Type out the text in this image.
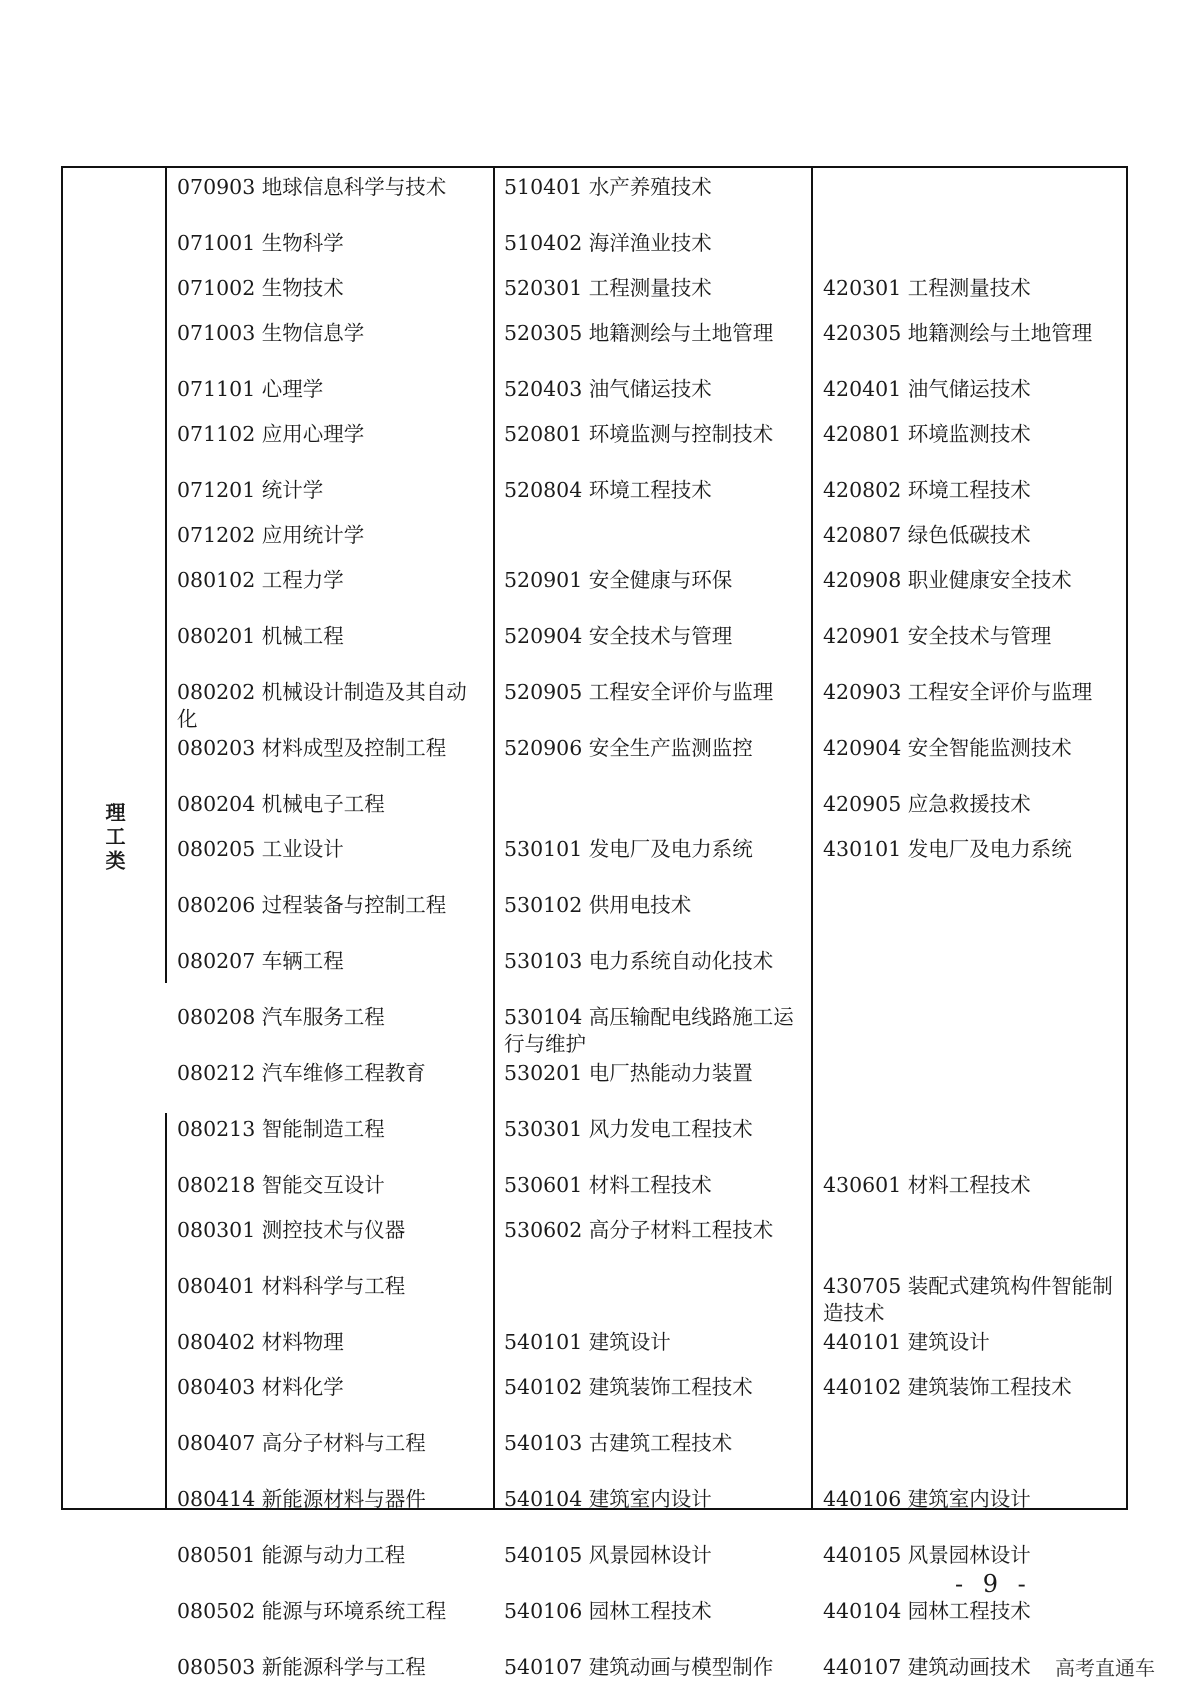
理工类
070903 地球信息科学与技术
071001 生物科学
071002 生物技术
071003 生物信息学
071101 心理学
071102 应用心理学
071201 统计学
071202 应用统计学
080102 工程力学
080201 机械工程
080202 机械设计制造及其自动化
080203 材料成型及控制工程
080204 机械电子工程
080205 工业设计
080206 过程装备与控制工程
080207 车辆工程
080208 汽车服务工程
080212 汽车维修工程教育
080213 智能制造工程
080218 智能交互设计
080301 测控技术与仪器
080401 材料科学与工程
080402 材料物理
080403 材料化学
080407 高分子材料与工程
080414 新能源材料与器件
080501 能源与动力工程
080502 能源与环境系统工程
080503 新能源科学与工程
510401 水产养殖技术
510402 海洋渔业技术
520301 工程测量技术
520305 地籍测绘与土地管理
520403 油气储运技术
520801 环境监测与控制技术
520804 环境工程技术
520901 安全健康与环保
520904 安全技术与管理
520905 工程安全评价与监理
520906 安全生产监测监控
530101 发电厂及电力系统
530102 供用电技术
530103 电力系统自动化技术
530104 高压输配电线路施工运行与维护
530201 电厂热能动力装置
530301 风力发电工程技术
530601 材料工程技术
530602 高分子材料工程技术
540101 建筑设计
540102 建筑装饰工程技术
540103 古建筑工程技术
540104 建筑室内设计
540105 风景园林设计
540106 园林工程技术
540107 建筑动画与模型制作
420301 工程测量技术
420305 地籍测绘与土地管理
420401 油气储运技术
420801 环境监测技术
420802 环境工程技术
420807 绿色低碳技术
420908 职业健康安全技术
420901 安全技术与管理
420903 工程安全评价与监理
420904 安全智能监测技术
420905 应急救援技术
430101 发电厂及电力系统
430601 材料工程技术
430705 装配式建筑构件智能制造技术
440101 建筑设计
440102 建筑装饰工程技术
440106 建筑室内设计
440105 风景园林设计
440104 园林工程技术
440107 建筑动画技术
- 9 -
高考直通车
